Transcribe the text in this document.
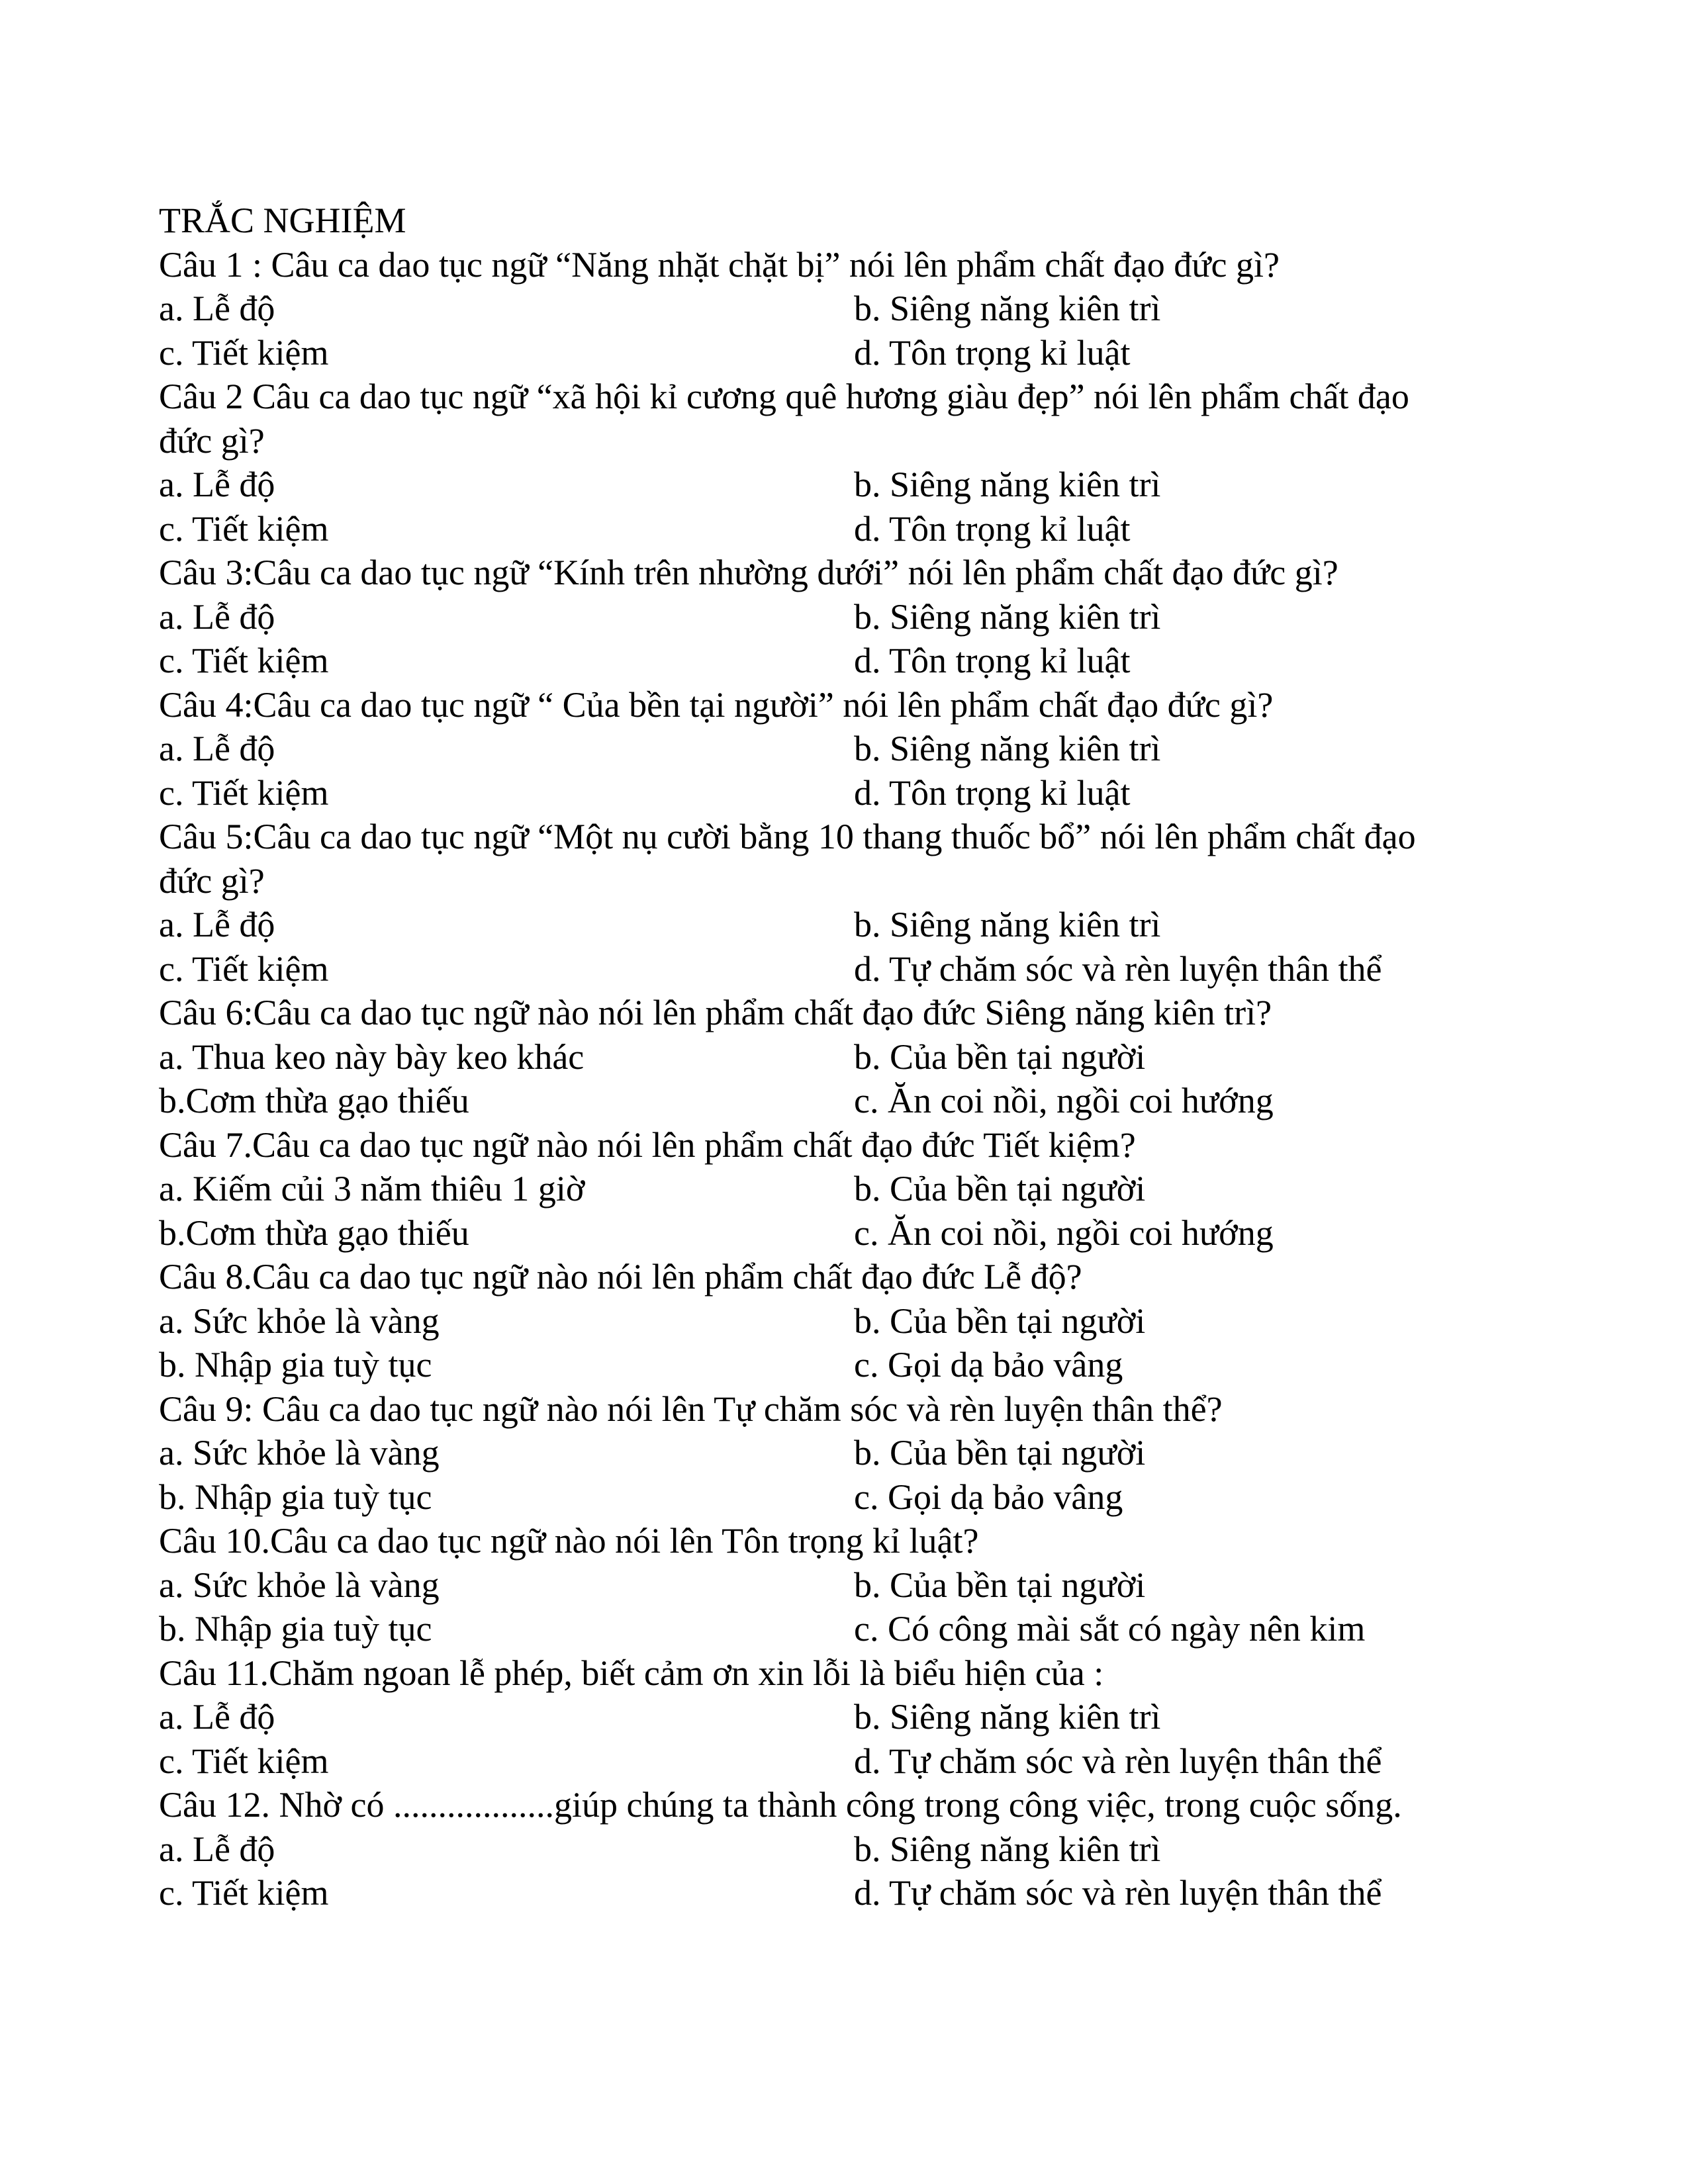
TRẮC NGHIỆM
Câu 1 : Câu ca dao tục ngữ “Năng nhặt chặt bị” nói lên phẩm chất đạo đức gì?
a. Lễ độ	b. Siêng năng kiên trì
c. Tiết kiệm	d. Tôn trọng kỉ luật
Câu 2 Câu ca dao tục ngữ “xã hội kỉ cương quê hương giàu đẹp” nói lên phẩm chất đạo
đức gì?
a. Lễ độ	b. Siêng năng kiên trì
c. Tiết kiệm	d. Tôn trọng kỉ luật
Câu 3:Câu ca dao tục ngữ “Kính trên nhường dưới” nói lên phẩm chất đạo đức gì?
a. Lễ độ	b. Siêng năng kiên trì
c. Tiết kiệm	d. Tôn trọng kỉ luật
Câu 4:Câu ca dao tục ngữ “ Của bền tại người” nói lên phẩm chất đạo đức gì?
a. Lễ độ	b. Siêng năng kiên trì
c. Tiết kiệm	d. Tôn trọng kỉ luật
Câu 5:Câu ca dao tục ngữ “Một nụ cười bằng 10 thang thuốc bổ” nói lên phẩm chất đạo
đức gì?
a. Lễ độ	b. Siêng năng kiên trì
c. Tiết kiệm	d. Tự chăm sóc và rèn luyện thân thể
Câu 6:Câu ca dao tục ngữ nào nói lên phẩm chất đạo đức Siêng năng kiên trì?
a. Thua keo này bày keo khác	b. Của bền tại người
b.Cơm thừa gạo thiếu	c. Ăn coi nồi, ngồi coi hướng
Câu 7.Câu ca dao tục ngữ nào nói lên phẩm chất đạo đức Tiết kiệm?
a. Kiếm củi 3 năm thiêu 1 giờ	b. Của bền tại người
b.Cơm thừa gạo thiếu	c. Ăn coi nồi, ngồi coi hướng
Câu 8.Câu ca dao tục ngữ nào nói lên phẩm chất đạo đức Lễ độ?
a. Sức khỏe là vàng	b. Của bền tại người
b. Nhập gia tuỳ tục	c. Gọi dạ bảo vâng
Câu 9: Câu ca dao tục ngữ nào nói lên Tự chăm sóc và rèn luyện thân thể?
a. Sức khỏe là vàng	b. Của bền tại người
b. Nhập gia tuỳ tục	c. Gọi dạ bảo vâng
Câu 10.Câu ca dao tục ngữ nào nói lên Tôn trọng kỉ luật?
a. Sức khỏe là vàng	b. Của bền tại người
b. Nhập gia tuỳ tục	c. Có công mài sắt có ngày nên kim
Câu 11.Chăm ngoan lễ phép, biết cảm ơn xin lỗi là biểu hiện của :
a. Lễ độ	b. Siêng năng kiên trì
c. Tiết kiệm	d. Tự chăm sóc và rèn luyện thân thể
Câu 12. Nhờ có ..................giúp chúng ta thành công trong công việc, trong cuộc sống.
a. Lễ độ	b. Siêng năng kiên trì
c. Tiết kiệm	d. Tự chăm sóc và rèn luyện thân thể
